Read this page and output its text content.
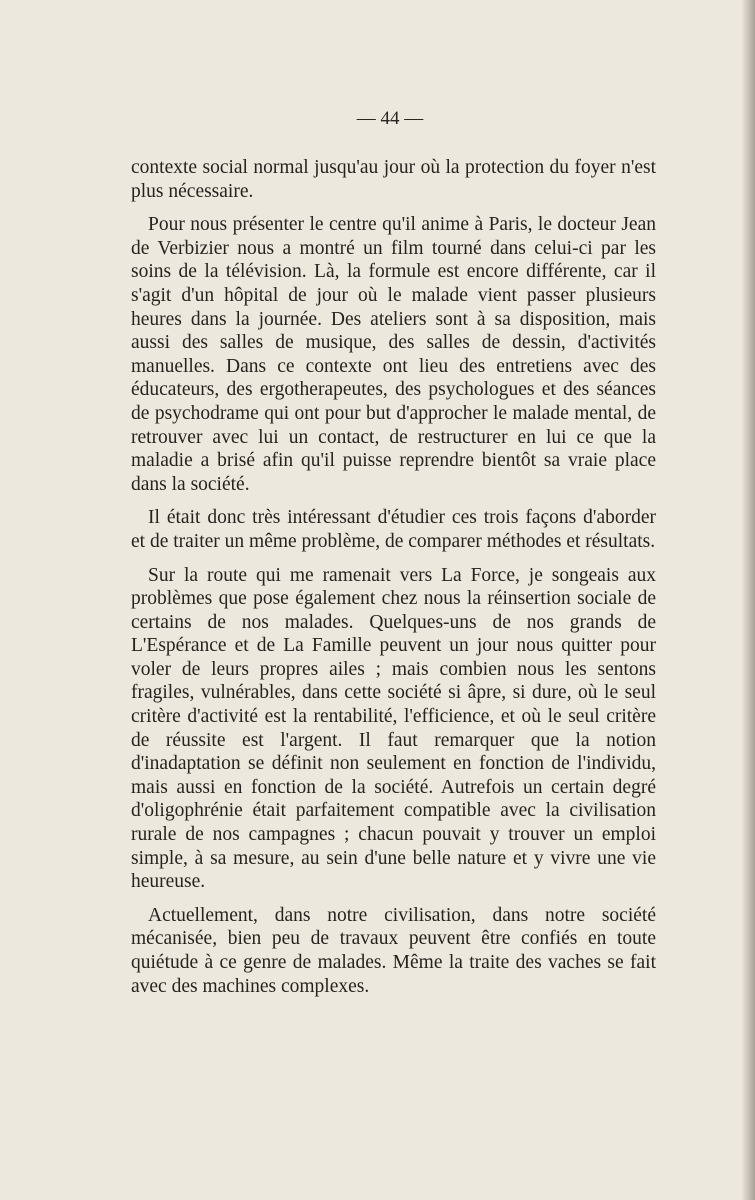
— 44 —

contexte social normal jusqu'au jour où la protection du foyer n'est plus nécessaire.

Pour nous présenter le centre qu'il anime à Paris, le docteur Jean de Verbizier nous a montré un film tourné dans celui-ci par les soins de la télévision. Là, la formule est encore différente, car il s'agit d'un hôpital de jour où le malade vient passer plusieurs heures dans la journée. Des ateliers sont à sa disposition, mais aussi des salles de musique, des salles de dessin, d'activités manuelles. Dans ce contexte ont lieu des entretiens avec des éducateurs, des ergotherapeutes, des psychologues et des séances de psychodrame qui ont pour but d'approcher le malade mental, de retrouver avec lui un contact, de restructurer en lui ce que la maladie a brisé afin qu'il puisse reprendre bientôt sa vraie place dans la société.

Il était donc très intéressant d'étudier ces trois façons d'aborder et de traiter un même problème, de comparer méthodes et résultats.

Sur la route qui me ramenait vers La Force, je songeais aux problèmes que pose également chez nous la réinsertion sociale de certains de nos malades. Quelques-uns de nos grands de L'Espérance et de La Famille peuvent un jour nous quitter pour voler de leurs propres ailes ; mais combien nous les sentons fragiles, vulnérables, dans cette société si âpre, si dure, où le seul critère d'activité est la rentabilité, l'efficience, et où le seul critère de réussite est l'argent. Il faut remarquer que la notion d'inadaptation se définit non seulement en fonction de l'individu, mais aussi en fonction de la société. Autrefois un certain degré d'oligophrénie était parfaitement compatible avec la civilisation rurale de nos campagnes ; chacun pouvait y trouver un emploi simple, à sa mesure, au sein d'une belle nature et y vivre une vie heureuse.

Actuellement, dans notre civilisation, dans notre société mécanisée, bien peu de travaux peuvent être confiés en toute quiétude à ce genre de malades. Même la traite des vaches se fait avec des machines complexes.
